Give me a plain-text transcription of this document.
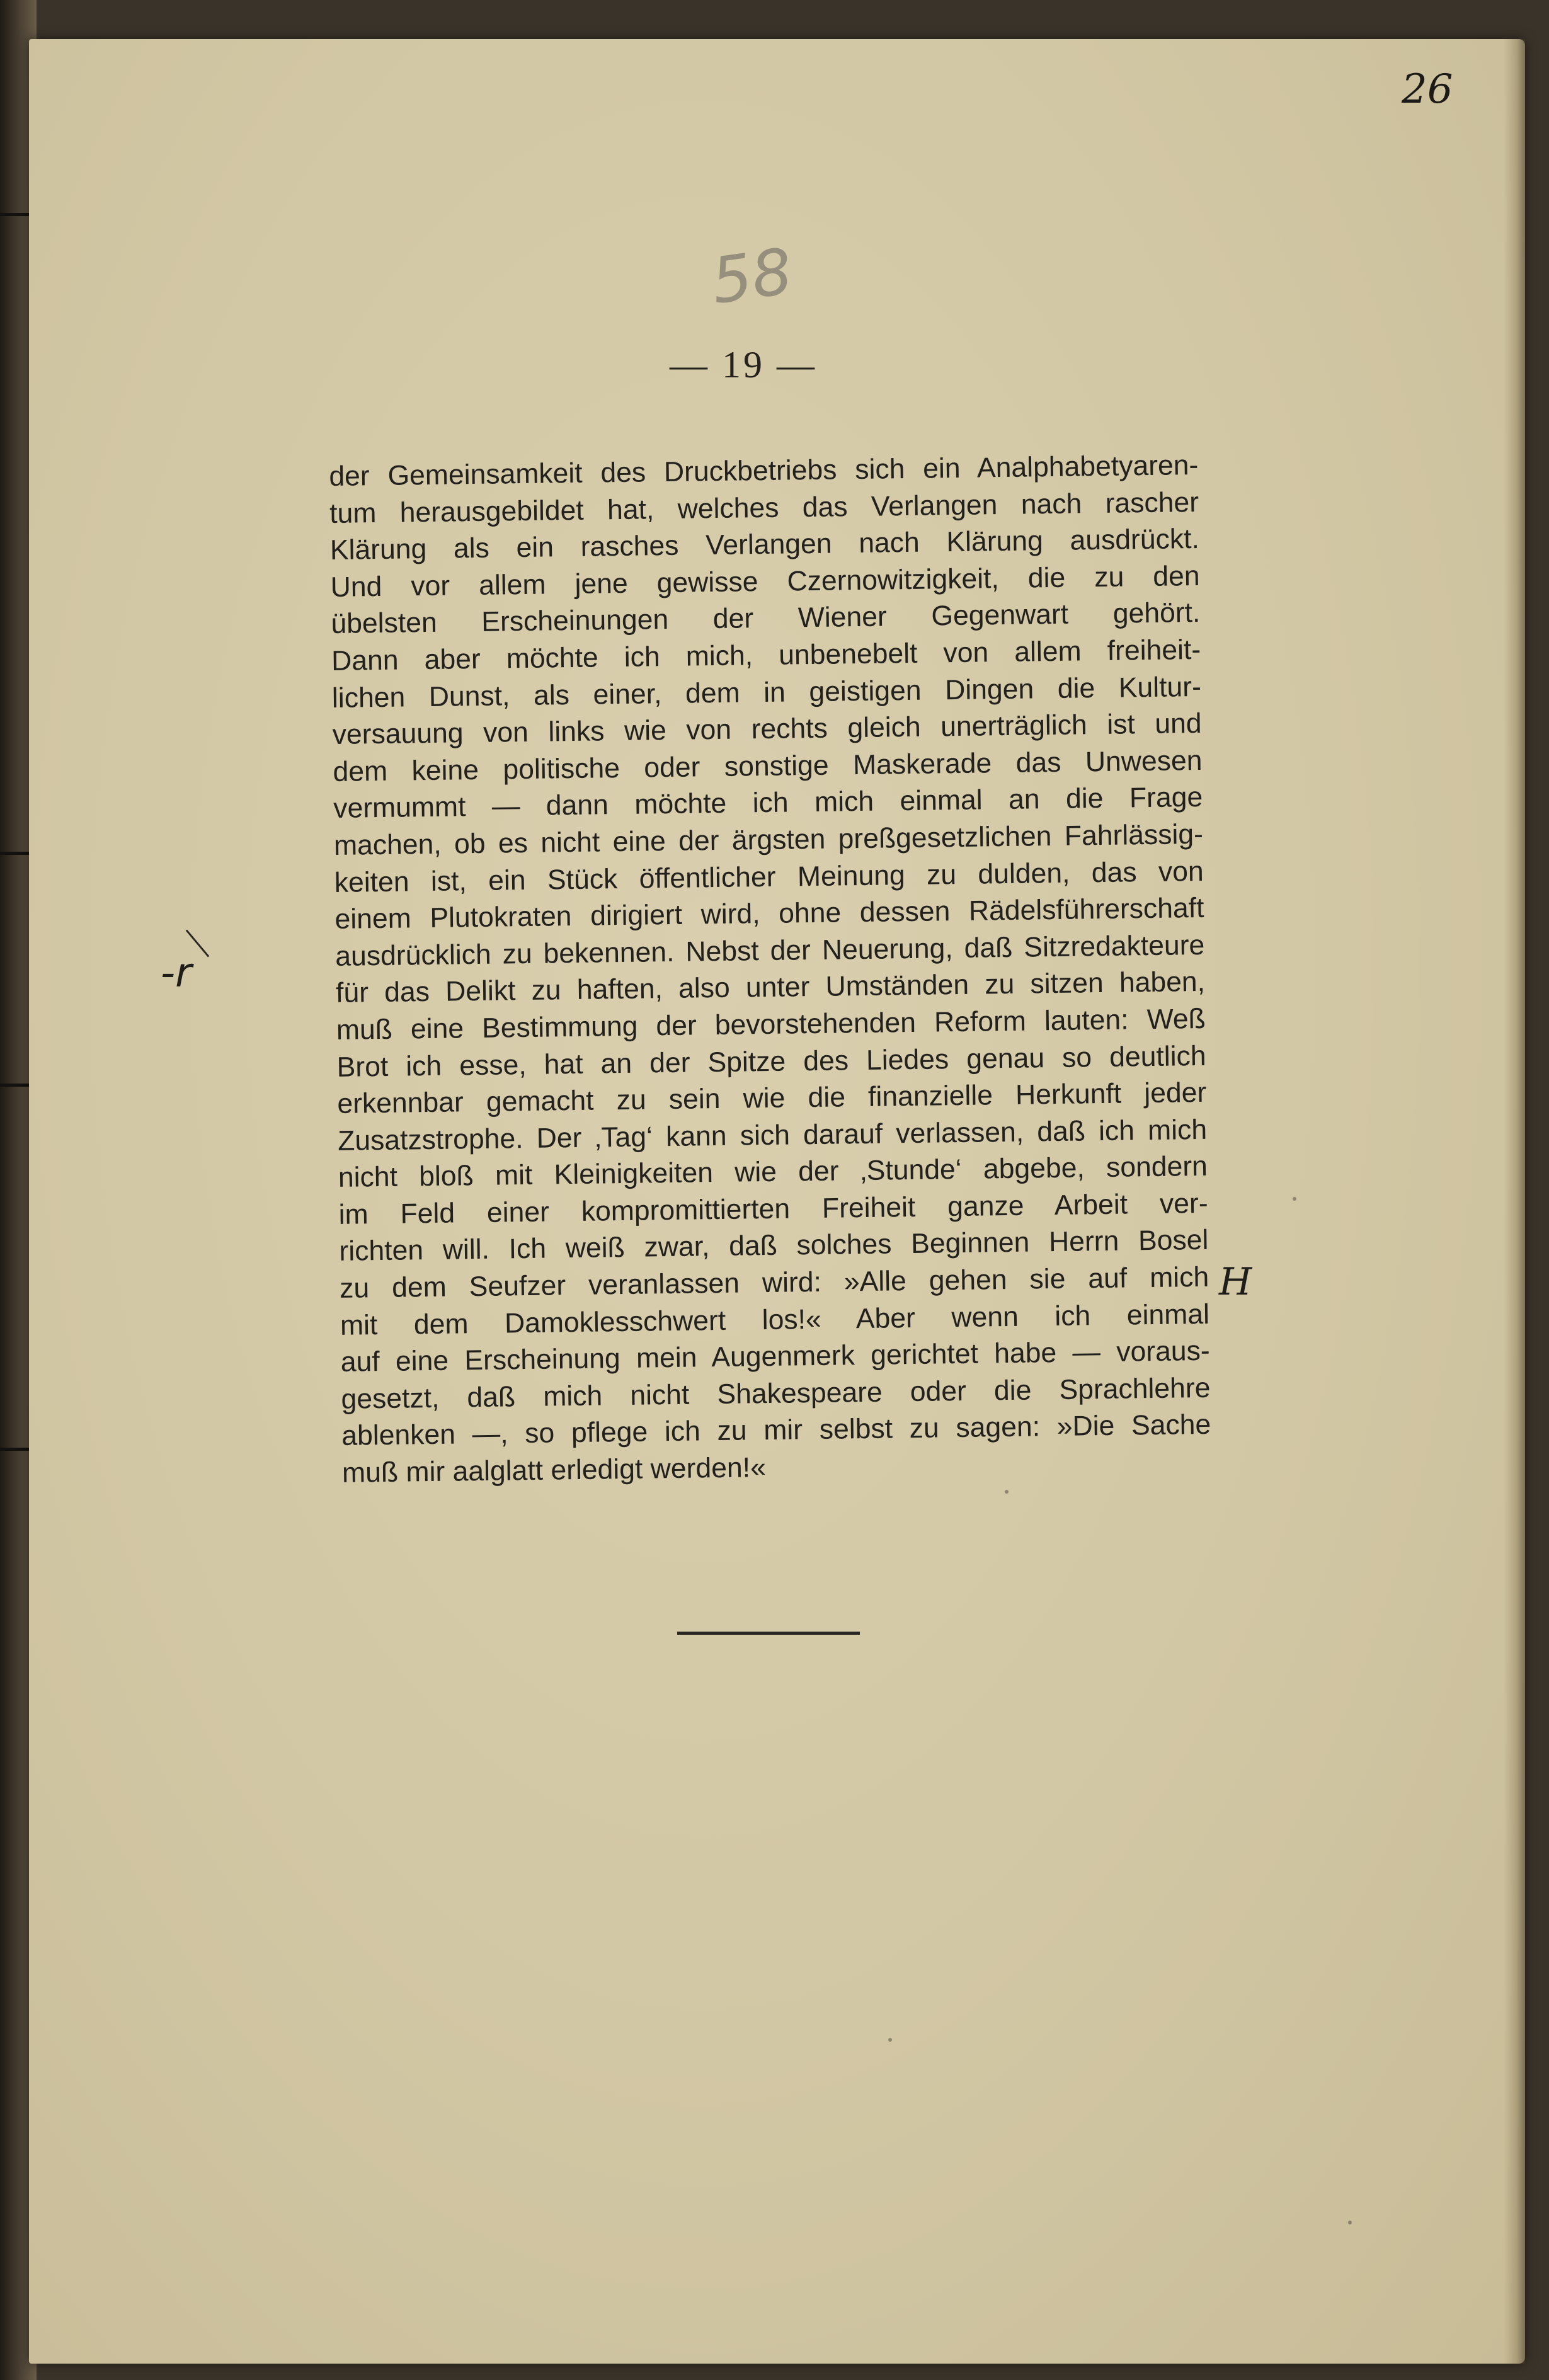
26
58
— 19 —
der Gemeinsamkeit des Druckbetriebs sich ein Analphabetyaren-
tum herausgebildet hat, welches das Verlangen nach rascher
Klärung als ein rasches Verlangen nach Klärung ausdrückt.
Und vor allem jene gewisse Czernowitzigkeit, die zu den
übelsten Erscheinungen der Wiener Gegenwart gehört.
Dann aber möchte ich mich, unbenebelt von allem freiheit-
lichen Dunst, als einer, dem in geistigen Dingen die Kultur-
versauung von links wie von rechts gleich unerträglich ist und
dem keine politische oder sonstige Maskerade das Unwesen
vermummt — dann möchte ich mich einmal an die Frage
machen, ob es nicht eine der ärgsten preßgesetzlichen Fahrlässig-
keiten ist, ein Stück öffentlicher Meinung zu dulden, das von
einem Plutokraten dirigiert wird, ohne dessen Rädelsführerschaft
ausdrücklich zu bekennen. Nebst der Neuerung, daß Sitzredakteure
für das Delikt zu haften, also unter Umständen zu sitzen haben,
muß eine Bestimmung der bevorstehenden Reform lauten: Weß
Brot ich esse, hat an der Spitze des Liedes genau so deutlich
erkennbar gemacht zu sein wie die finanzielle Herkunft jeder
Zusatzstrophe. Der ‚Tag‘ kann sich darauf verlassen, daß ich mich
nicht bloß mit Kleinigkeiten wie der ‚Stunde‘ abgebe, sondern
im Feld einer kompromittierten Freiheit ganze Arbeit ver-
richten will. Ich weiß zwar, daß solches Beginnen Herrn Bosel
zu dem Seufzer veranlassen wird: »Alle gehen sie auf mich
mit dem Damoklesschwert los!« Aber wenn ich einmal
auf eine Erscheinung mein Augenmerk gerichtet habe — voraus-
gesetzt, daß mich nicht Shakespeare oder die Sprachlehre
ablenken —, so pflege ich zu mir selbst zu sagen: »Die Sache
muß mir aalglatt erledigt werden!«
-r
H
